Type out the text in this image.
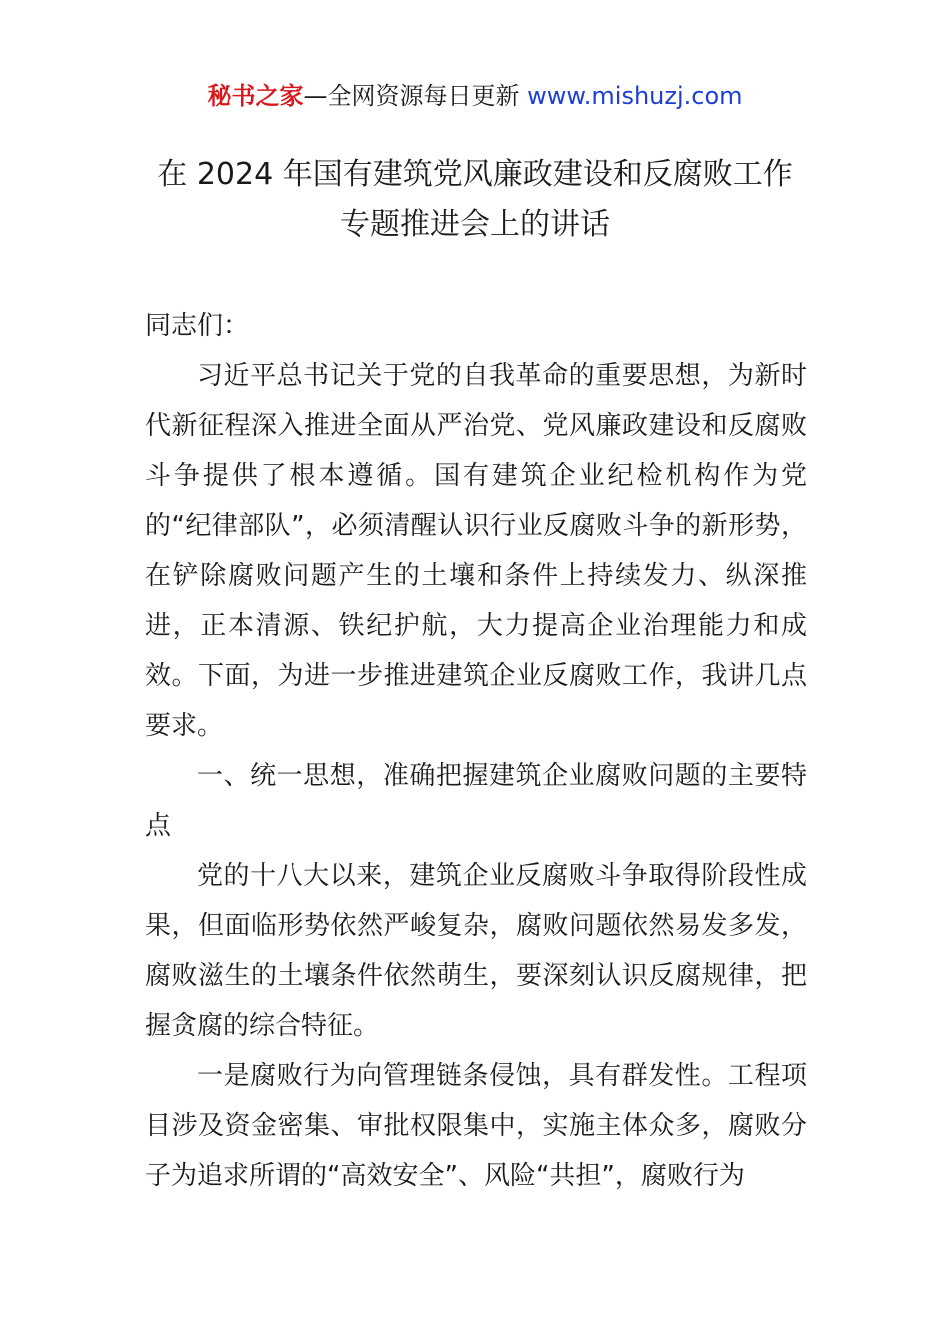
秘书之家—全网资源每日更新 www.mishuzj.com
在 2024 年国有建筑党风廉政建设和反腐败工作
专题推进会上的讲话

同志们：

习近平总书记关于党的自我革命的重要思想，为新时代新征程深入推进全面从严治党、党风廉政建设和反腐败斗争提供了根本遵循。国有建筑企业纪检机构作为党的“纪律部队”，必须清醒认识行业反腐败斗争的新形势，在铲除腐败问题产生的土壤和条件上持续发力、纵深推进，正本清源、铁纪护航，大力提高企业治理能力和成效。下面，为进一步推进建筑企业反腐败工作，我讲几点要求。

一、统一思想，准确把握建筑企业腐败问题的主要特点

党的十八大以来，建筑企业反腐败斗争取得阶段性成果，但面临形势依然严峻复杂，腐败问题依然易发多发，腐败滋生的土壤条件依然萌生，要深刻认识反腐规律，把握贪腐的综合特征。

一是腐败行为向管理链条侵蚀，具有群发性。工程项目涉及资金密集、审批权限集中，实施主体众多，腐败分子为追求所谓的“高效安全”、风险“共担”，腐败行为
